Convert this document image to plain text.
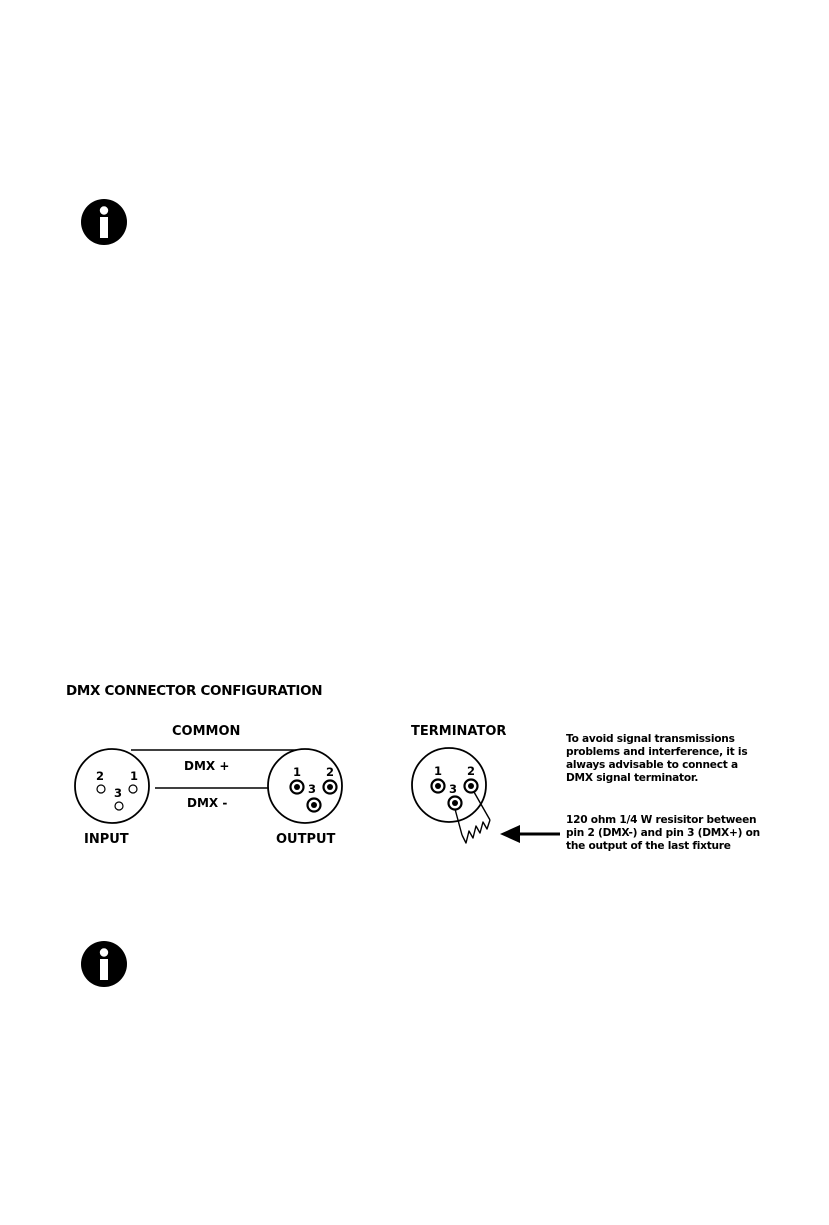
DMX CONNECTOR CONFIGURATION
COMMON	TERMINATOR
INPUT	OUTPUT
DMX +
DMX -
2 1
3
1 2
3
1 2
3
To avoid signal transmissions
problems and interference, it is
always advisable to connect a
DMX signal terminator.
120 ohm 1/4 W resisitor between
pin 2 (DMX-) and pin 3 (DMX+) on
the output of the last fixture
